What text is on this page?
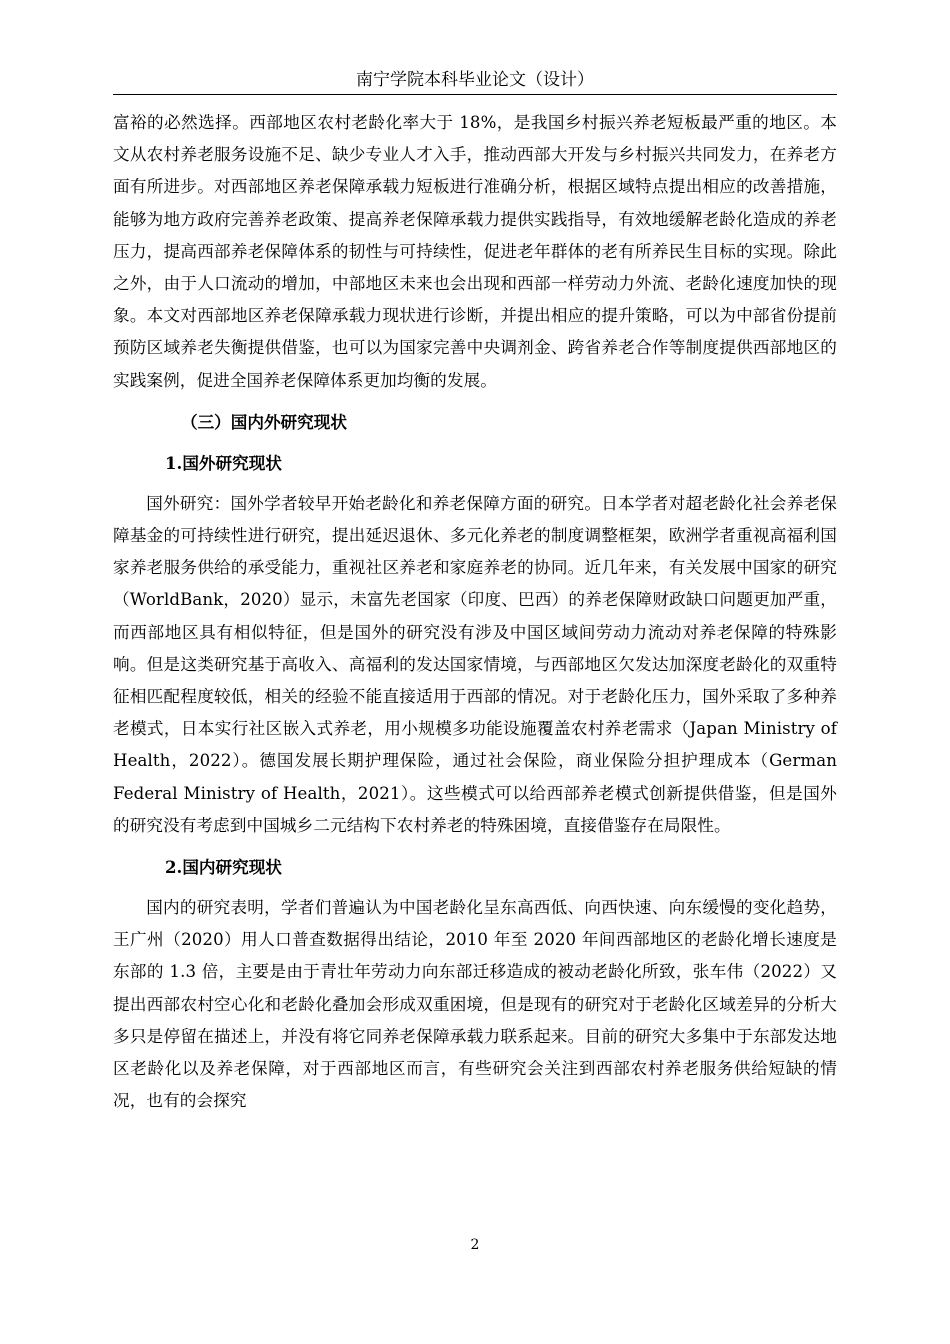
南宁学院本科毕业论文（设计）

富裕的必然选择。西部地区农村老龄化率大于 18%，是我国乡村振兴养老短板最严重的地区。本文从农村养老服务设施不足、缺少专业人才入手，推动西部大开发与乡村振兴共同发力，在养老方面有所进步。对西部地区养老保障承载力短板进行准确分析，根据区域特点提出相应的改善措施，能够为地方政府完善养老政策、提高养老保障承载力提供实践指导，有效地缓解老龄化造成的养老压力，提高西部养老保障体系的韧性与可持续性，促进老年群体的老有所养民生目标的实现。除此之外，由于人口流动的增加，中部地区未来也会出现和西部一样劳动力外流、老龄化速度加快的现象。本文对西部地区养老保障承载力现状进行诊断，并提出相应的提升策略，可以为中部省份提前预防区域养老失衡提供借鉴，也可以为国家完善中央调剂金、跨省养老合作等制度提供西部地区的实践案例，促进全国养老保障体系更加均衡的发展。

（三）国内外研究现状
1.国外研究现状

国外研究：国外学者较早开始老龄化和养老保障方面的研究。日本学者对超老龄化社会养老保障基金的可持续性进行研究，提出延迟退休、多元化养老的制度调整框架，欧洲学者重视高福利国家养老服务供给的承受能力，重视社区养老和家庭养老的协同。近几年来，有关发展中国家的研究（WorldBank，2020）显示，未富先老国家（印度、巴西）的养老保障财政缺口问题更加严重，而西部地区具有相似特征，但是国外的研究没有涉及中国区域间劳动力流动对养老保障的特殊影响。但是这类研究基于高收入、高福利的发达国家情境，与西部地区欠发达加深度老龄化的双重特征相匹配程度较低，相关的经验不能直接适用于西部的情况。对于老龄化压力，国外采取了多种养老模式，日本实行社区嵌入式养老，用小规模多功能设施覆盖农村养老需求（Japan Ministry of Health，2022）。德国发展长期护理保险，通过社会保险，商业保险分担护理成本（German Federal Ministry of Health，2021）。这些模式可以给西部养老模式创新提供借鉴，但是国外的研究没有考虑到中国城乡二元结构下农村养老的特殊困境，直接借鉴存在局限性。

2.国内研究现状

国内的研究表明，学者们普遍认为中国老龄化呈东高西低、向西快速、向东缓慢的变化趋势，王广州（2020）用人口普查数据得出结论，2010 年至 2020 年间西部地区的老龄化增长速度是东部的 1.3 倍，主要是由于青壮年劳动力向东部迁移造成的被动老龄化所致，张车伟（2022）又提出西部农村空心化和老龄化叠加会形成双重困境，但是现有的研究对于老龄化区域差异的分析大多只是停留在描述上，并没有将它同养老保障承载力联系起来。目前的研究大多集中于东部发达地区老龄化以及养老保障，对于西部地区而言，有些研究会关注到西部农村养老服务供给短缺的情况，也有的会探究

2
